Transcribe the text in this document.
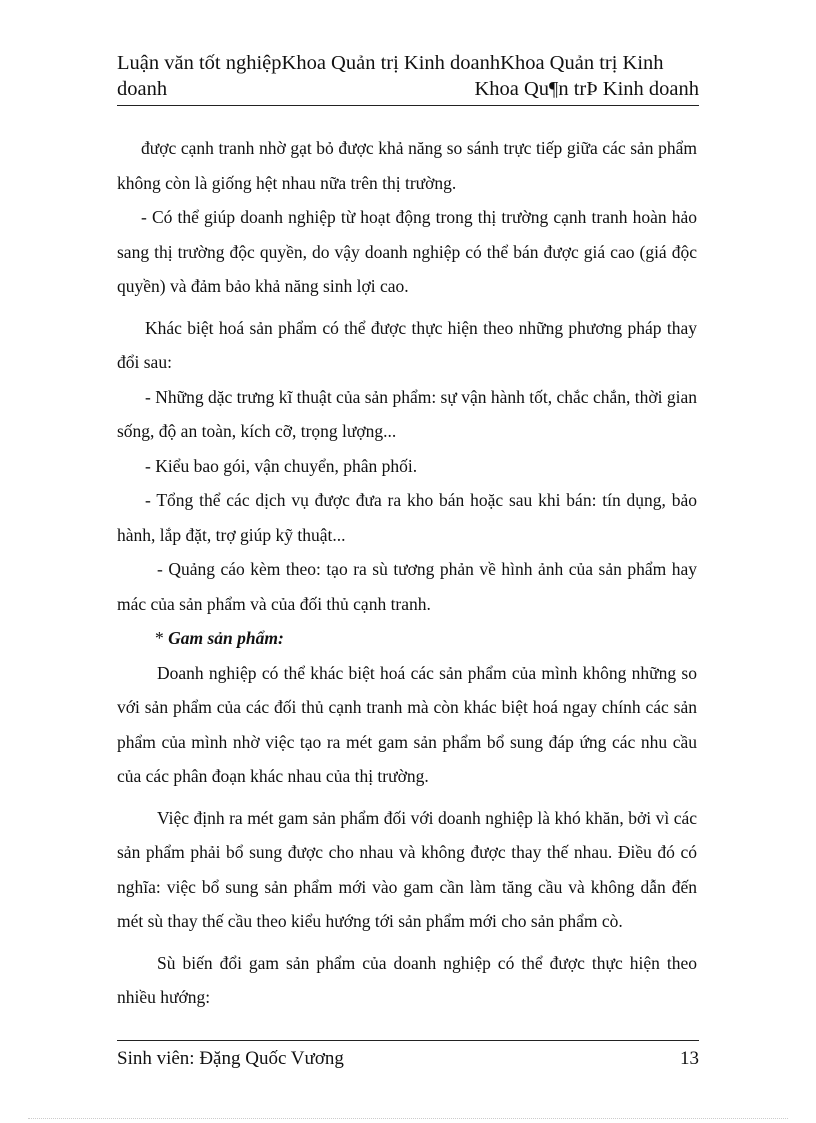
Luận văn tốt nghiệpKhoa Quản trị Kinh doanhKhoa Quản trị Kinh
doanh	Khoa Qu¶n trÞ Kinh doanh

được cạnh tranh nhờ gạt bỏ được khả năng so sánh trực tiếp giữa các sản phẩm không còn là giống hệt nhau nữa trên thị trường.

- Có thể giúp doanh nghiệp từ hoạt động trong thị trường cạnh tranh hoàn hảo sang thị trường độc quyền, do vậy doanh nghiệp có thể bán được giá cao (giá độc quyền) và đảm bảo khả năng sinh lợi cao.

Khác biệt hoá sản phẩm có thể được thực hiện theo những phương pháp thay đổi sau:

- Những dặc trưng kĩ thuật của sản phẩm: sự vận hành tốt, chắc chắn, thời gian sống, độ an toàn, kích cỡ, trọng lượng...

- Kiểu bao gói, vận chuyển, phân phối.

- Tổng thể các dịch vụ được đưa ra kho bán hoặc sau khi bán: tín dụng, bảo hành, lắp đặt, trợ giúp kỹ thuật...

- Quảng cáo kèm theo: tạo ra sù tương phản về hình ảnh của sản phẩm hay mác của sản phẩm và của đối thủ cạnh tranh.

* Gam sản phẩm:

Doanh nghiệp có thể khác biệt hoá các sản phẩm của mình không những so với sản phẩm của các đối thủ cạnh tranh mà còn khác biệt hoá ngay chính các sản phẩm của mình nhờ việc tạo ra mét gam sản phẩm bổ sung đáp ứng các nhu cầu của các phân đoạn khác nhau của thị trường.

Việc định ra mét gam sản phẩm đối với doanh nghiệp là khó khăn, bởi vì các sản phẩm phải bổ sung được cho nhau và không được thay thế nhau. Điều đó có nghĩa: việc bổ sung sản phẩm mới vào gam cần làm tăng cầu và không dẫn đến mét sù thay thế cầu theo kiểu hướng tới sản phẩm mới cho sản phẩm cò.

Sù biến đổi gam sản phẩm của doanh nghiệp có thể được thực hiện theo nhiều hướng:

Sinh viên: Đặng Quốc Vương	13
